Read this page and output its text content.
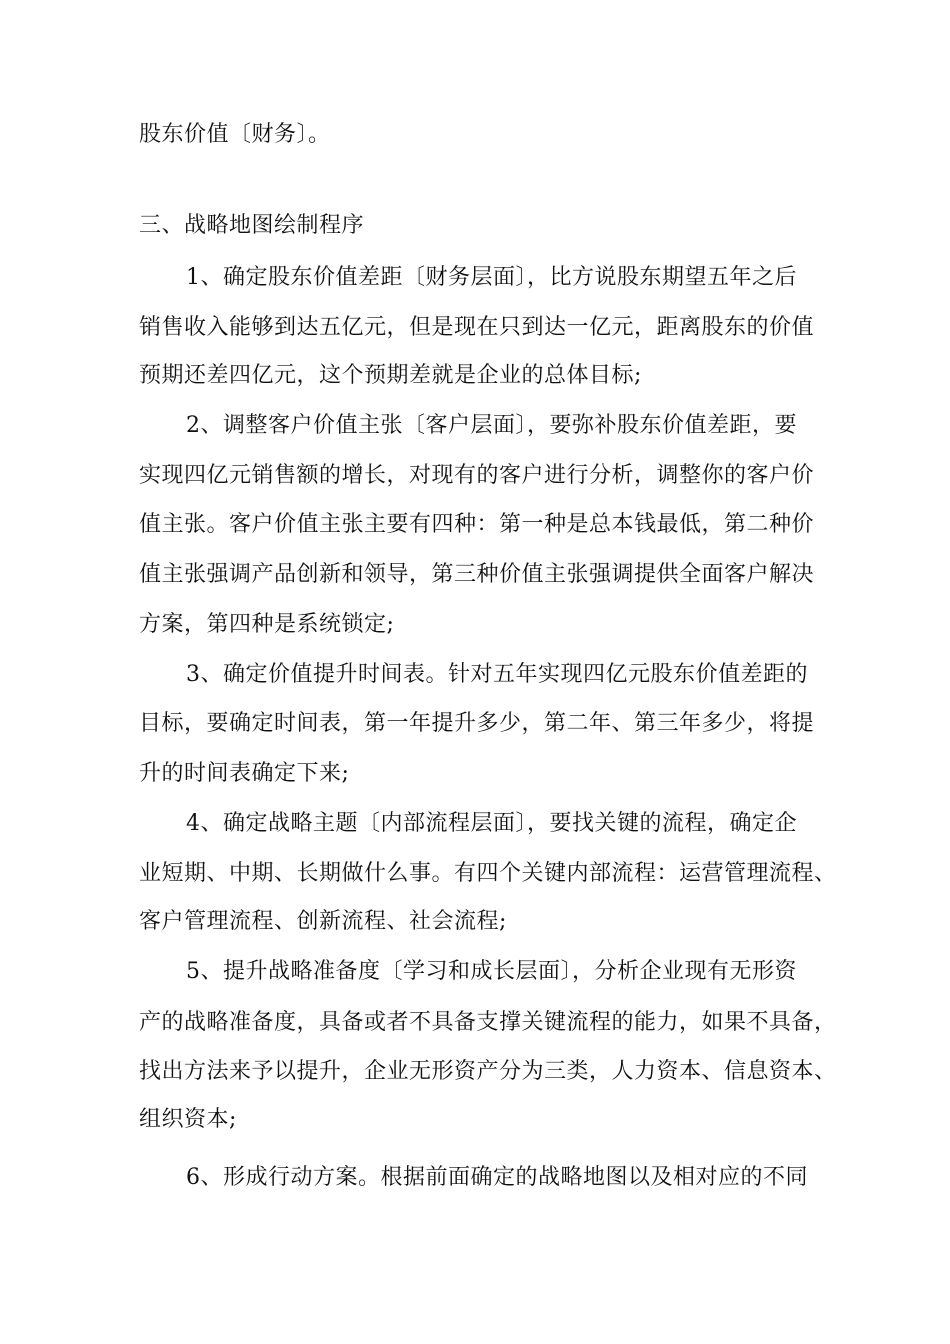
股东价值〔财务〕。
三、战略地图绘制程序
1、确定股东价值差距〔财务层面〕，比方说股东期望五年之后
销售收入能够到达五亿元，但是现在只到达一亿元，距离股东的价值
预期还差四亿元，这个预期差就是企业的总体目标;
2、调整客户价值主张〔客户层面〕，要弥补股东价值差距，要
实现四亿元销售额的增长，对现有的客户进行分析，调整你的客户价
值主张。客户价值主张主要有四种：第一种是总本钱最低，第二种价
值主张强调产品创新和领导，第三种价值主张强调提供全面客户解决
方案，第四种是系统锁定;
3、确定价值提升时间表。针对五年实现四亿元股东价值差距的
目标，要确定时间表，第一年提升多少，第二年、第三年多少，将提
升的时间表确定下来;
4、确定战略主题〔内部流程层面〕，要找关键的流程，确定企
业短期、中期、长期做什么事。有四个关键内部流程：运营管理流程、
客户管理流程、创新流程、社会流程;
5、提升战略准备度〔学习和成长层面〕，分析企业现有无形资
产的战略准备度，具备或者不具备支撑关键流程的能力，如果不具备，
找出方法来予以提升，企业无形资产分为三类，人力资本、信息资本、
组织资本;
6、形成行动方案。根据前面确定的战略地图以及相对应的不同
